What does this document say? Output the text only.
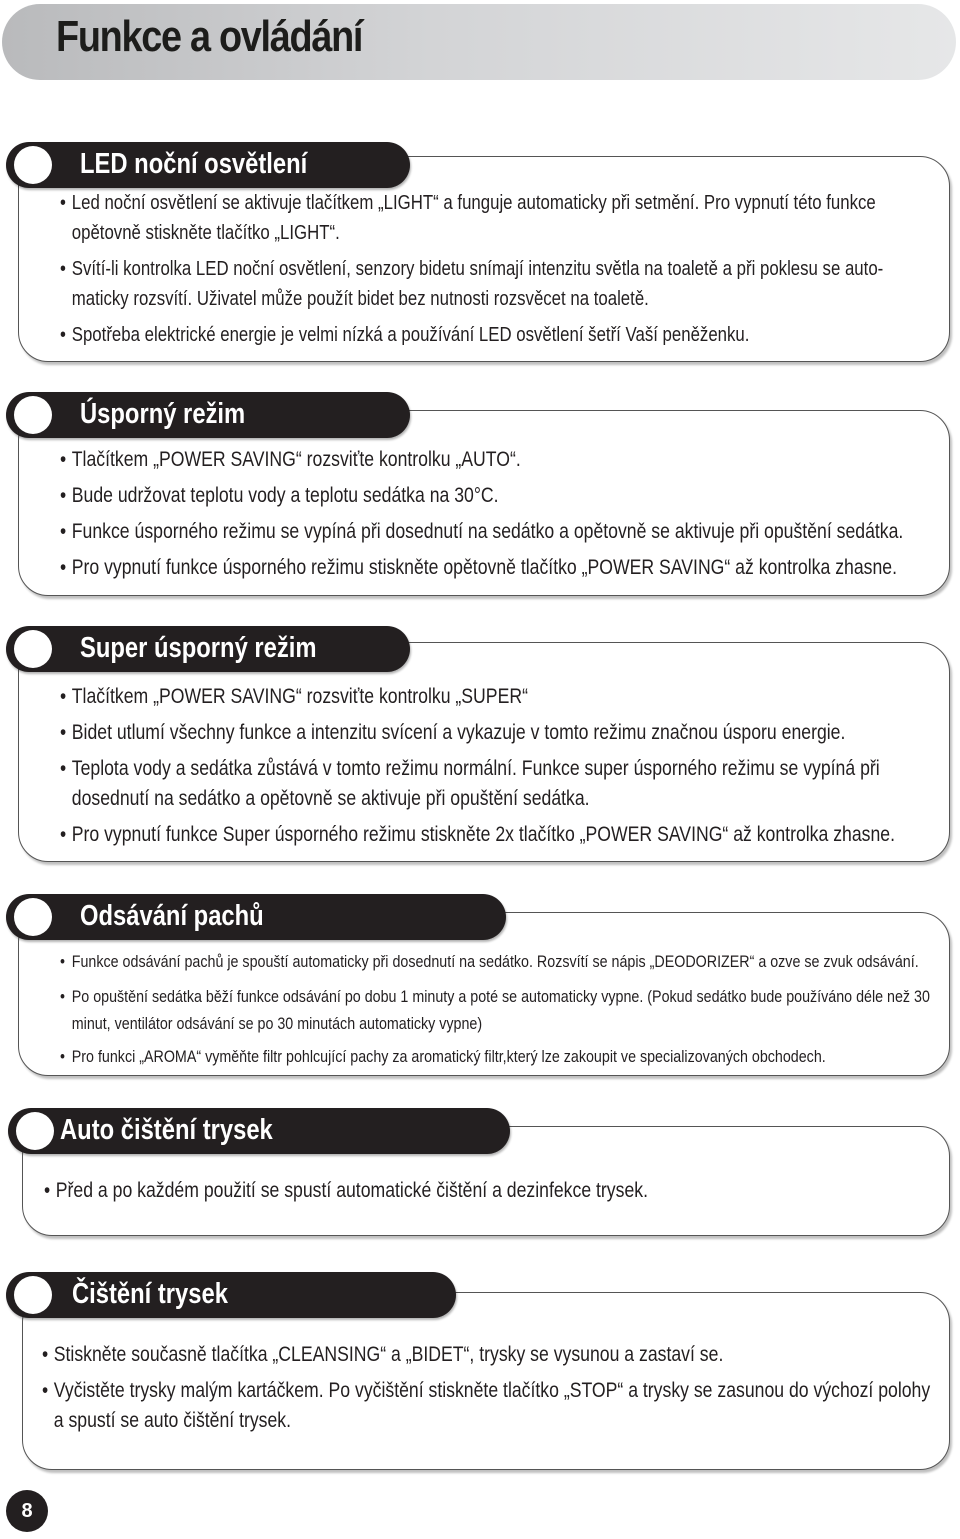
Funkce a ovládání
LED noční osvětlení
• Led noční osvětlení se aktivuje tlačítkem „LIGHT“ a funguje automaticky při setmění. Pro vypnutí této funkce
opětovně stiskněte tlačítko „LIGHT“.
• Svítí-li kontrolka LED noční osvětlení, senzory bidetu snímají intenzitu světla na toaletě a při poklesu se auto-
maticky rozsvítí. Uživatel může použít bidet bez nutnosti rozsvěcet na toaletě.
• Spotřeba elektrické energie je velmi nízká a používání LED osvětlení šetří Vaší peněženku.
Úsporný režim
• Tlačítkem „POWER SAVING“ rozsviťte kontrolku „AUTO“.
• Bude udržovat teplotu vody a teplotu sedátka na 30°C.
• Funkce úsporného režimu se vypíná při dosednutí na sedátko a opětovně se aktivuje při opuštění sedátka.
• Pro vypnutí funkce úsporného režimu stiskněte opětovně tlačítko „POWER SAVING“ až kontrolka zhasne.
Super úsporný režim
• Tlačítkem „POWER SAVING“ rozsviťte kontrolku „SUPER“
• Bidet utlumí všechny funkce a intenzitu svícení a vykazuje v tomto režimu značnou úsporu energie.
• Teplota vody a sedátka zůstává v tomto režimu normální. Funkce super úsporného režimu se vypíná při
dosednutí na sedátko a opětovně se aktivuje při opuštění sedátka.
• Pro vypnutí funkce Super úsporného režimu stiskněte 2x tlačítko „POWER SAVING“ až kontrolka zhasne.
Odsávání pachů
• Funkce odsávání pachů je spouští automaticky při dosednutí na sedátko. Rozsvítí se nápis „DEODORIZER“ a ozve se zvuk odsávání.
• Po opuštění sedátka běží funkce odsávání po dobu 1 minuty a poté se automaticky vypne. (Pokud sedátko bude používáno déle než 30
minut, ventilátor odsávání se po 30 minutách automaticky vypne)
• Pro funkci „AROMA“ vyměňte filtr pohlcující pachy za aromatický filtr,který lze zakoupit ve specializovaných obchodech.
Auto čištění trysek
• Před a po každém použití se spustí automatické čištění a dezinfekce trysek.
Čištění trysek
• Stiskněte současně tlačítka „CLEANSING“ a „BIDET“, trysky se vysunou a zastaví se.
• Vyčistěte trysky malým kartáčkem. Po vyčištění stiskněte tlačítko „STOP“ a trysky se zasunou do výchozí polohy
a spustí se auto čištění trysek.
8
